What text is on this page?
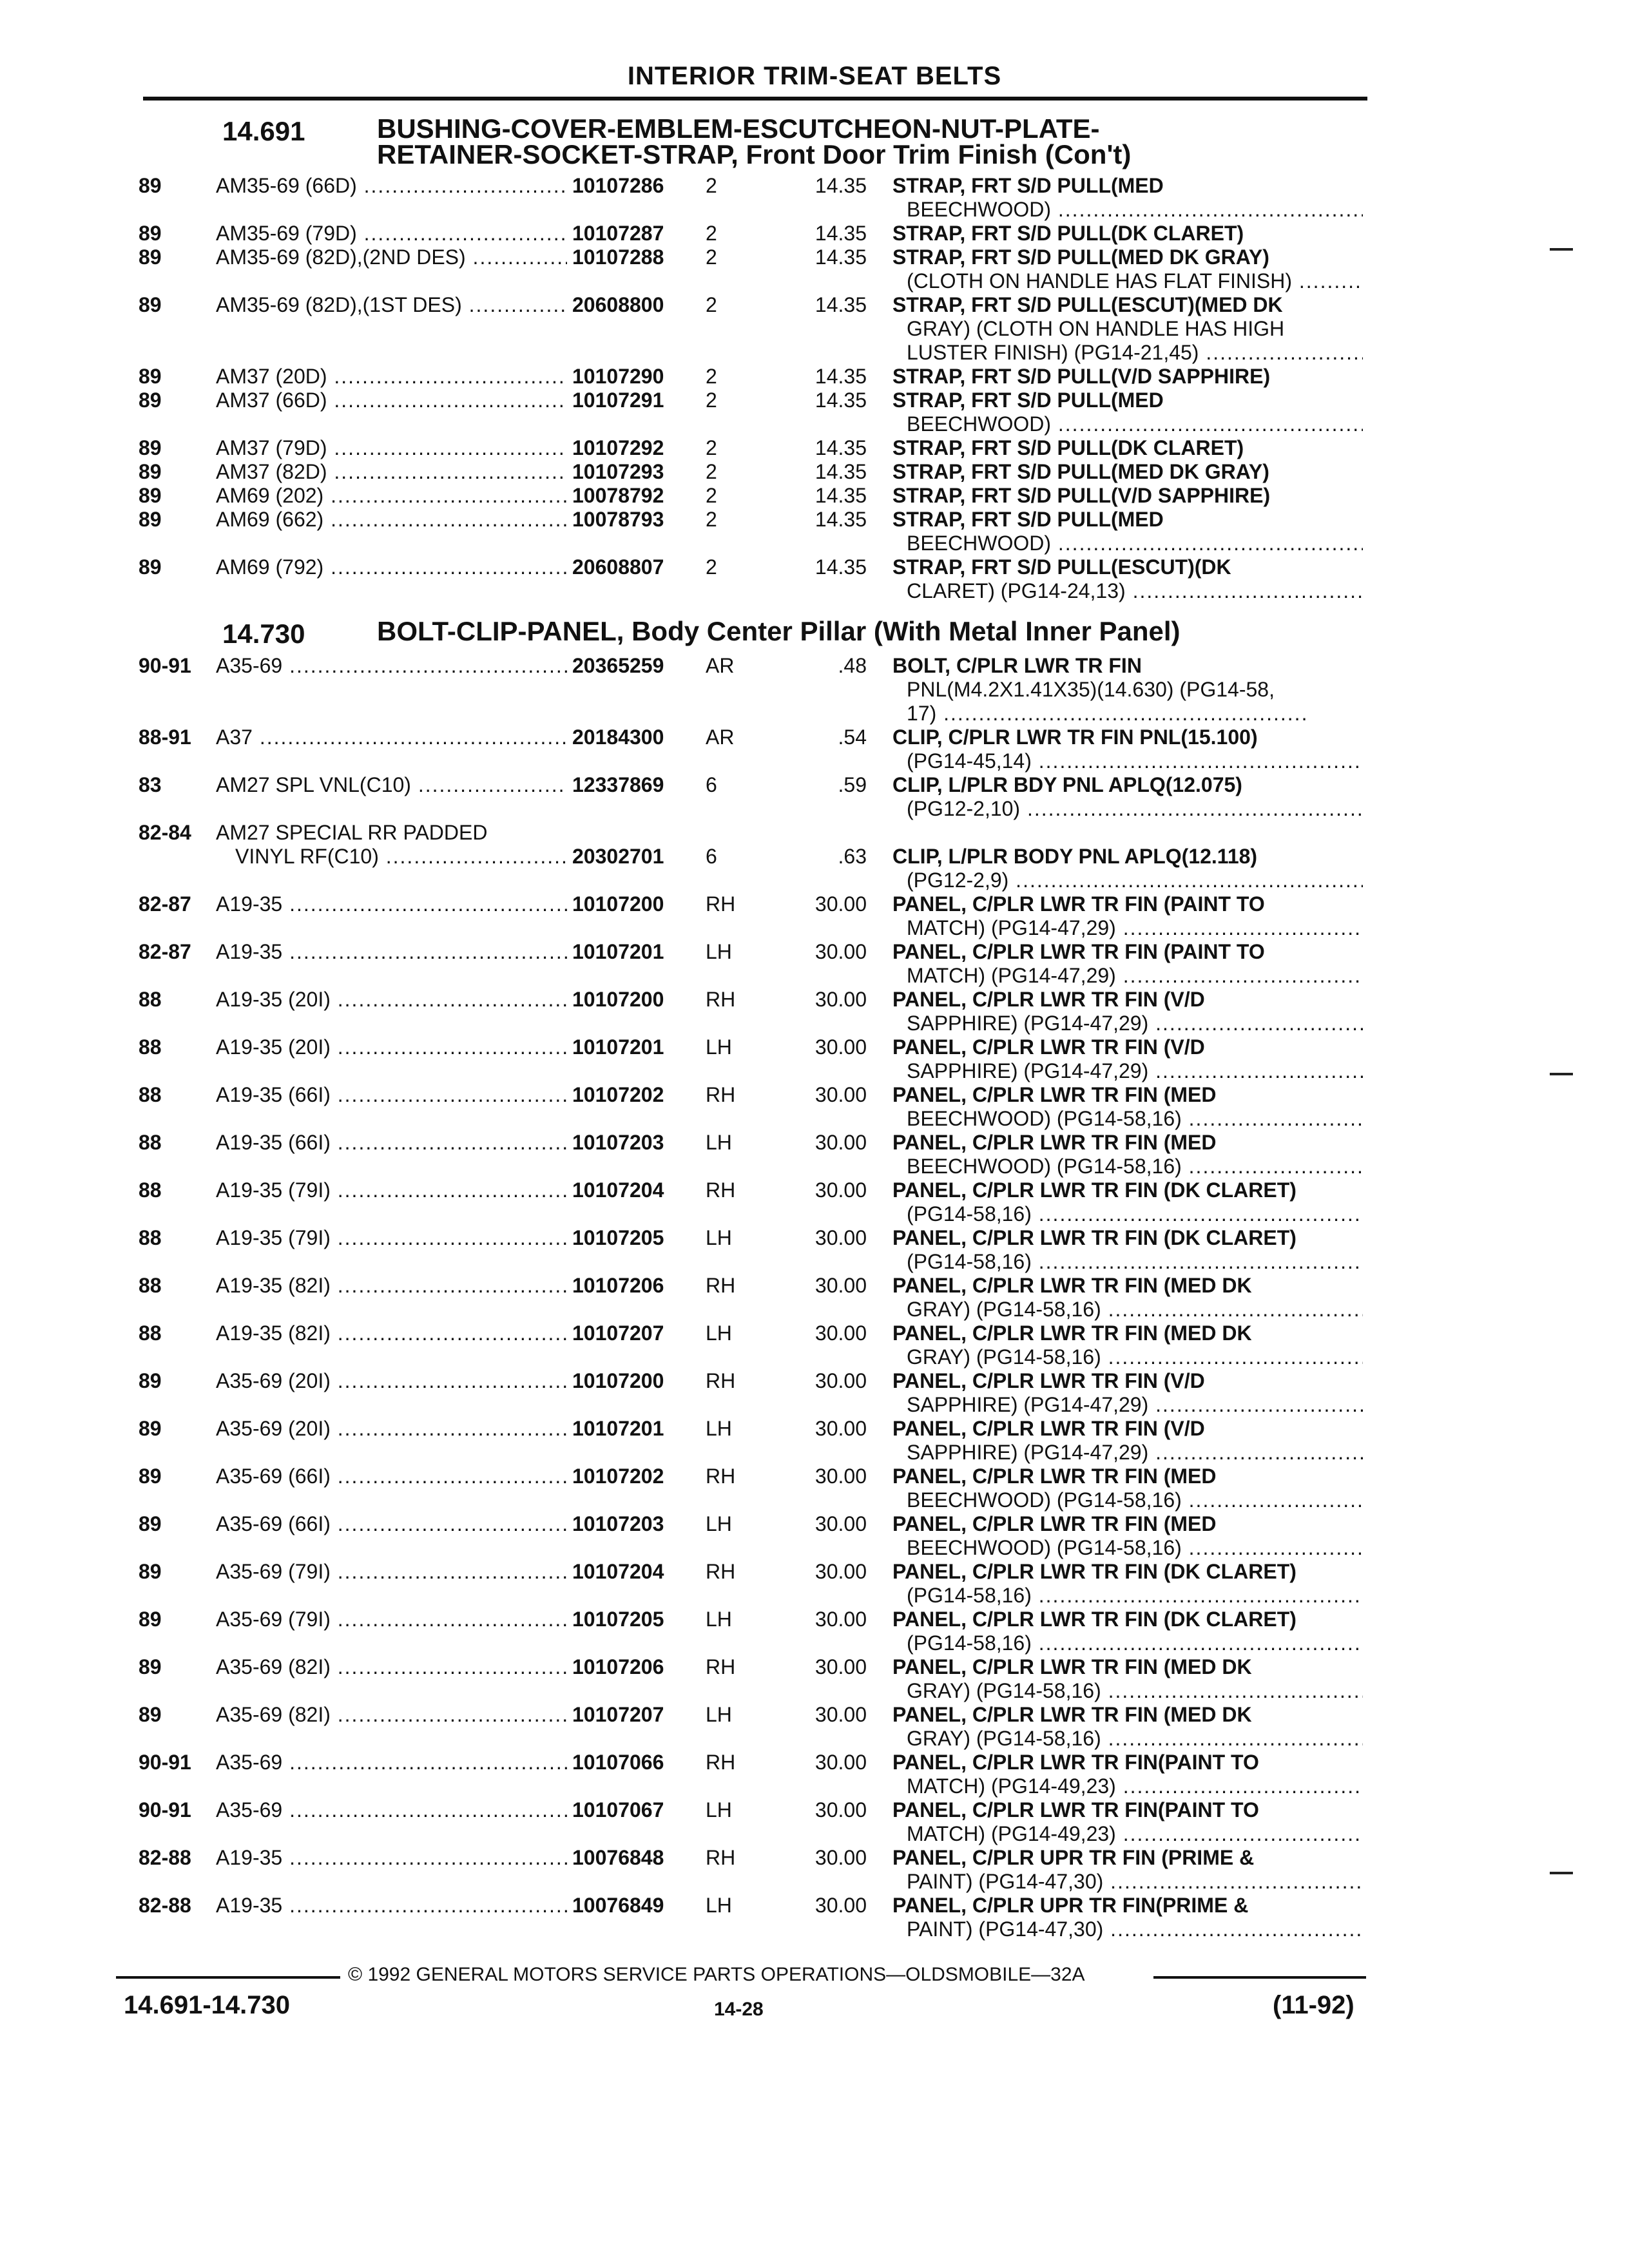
INTERIOR TRIM-SEAT BELTS
14.691	BUSHING-COVER-EMBLEM-ESCUTCHEON-NUT-PLATE-
RETAINER-SOCKET-STRAP, Front Door Trim Finish (Con't)
89	AM35-69 (66D) .....	10107286 2	14.35 STRAP, FRT S/D PULL(MED
BEECHWOOD) .....
89	AM35-69 (79D) .....	10107287 2	14.35 STRAP, FRT S/D PULL(DK CLARET)
89	AM35-69 (82D),(2ND DES) .....	10107288 2	14.35 STRAP, FRT S/D PULL(MED DK GRAY)
(CLOTH ON HANDLE HAS FLAT FINISH) .....
89	AM35-69 (82D),(1ST DES) .....	20608800 2	14.35 STRAP, FRT S/D PULL(ESCUT)(MED DK
GRAY) (CLOTH ON HANDLE HAS HIGH
LUSTER FINISH) (PG14-21,45) .....
89	AM37 (20D) .....	10107290 2	14.35 STRAP, FRT S/D PULL(V/D SAPPHIRE)
89	AM37 (66D) .....	10107291 2	14.35 STRAP, FRT S/D PULL(MED
BEECHWOOD) .....
89	AM37 (79D) .....	10107292 2	14.35 STRAP, FRT S/D PULL(DK CLARET)
89	AM37 (82D) .....	10107293 2	14.35 STRAP, FRT S/D PULL(MED DK GRAY)
89	AM69 (202) .....	10078792 2	14.35 STRAP, FRT S/D PULL(V/D SAPPHIRE)
89	AM69 (662) .....	10078793 2	14.35 STRAP, FRT S/D PULL(MED
BEECHWOOD) .....
89	AM69 (792) .....	20608807 2	14.35 STRAP, FRT S/D PULL(ESCUT)(DK
CLARET) (PG14-24,13) .....
14.730	BOLT-CLIP-PANEL, Body Center Pillar (With Metal Inner Panel)
90-91 A35-69 .....	20365259 AR	.48 BOLT, C/PLR LWR TR FIN
PNL(M4.2X1.41X35)(14.630) (PG14-58,
17) .....
88-91 A37 .....	20184300 AR	.54 CLIP, C/PLR LWR TR FIN PNL(15.100)
(PG14-45,14) .....
83	AM27 SPL VNL(C10) .....	12337869 6	.59 CLIP, L/PLR BDY PNL APLQ(12.075)
(PG12-2,10) .....
82-84 AM27 SPECIAL RR PADDED
VINYL RF(C10) .....	20302701 6	.63 CLIP, L/PLR BODY PNL APLQ(12.118)
(PG12-2,9) .....
82-87 A19-35 .....	10107200 RH	30.00 PANEL, C/PLR LWR TR FIN (PAINT TO
MATCH) (PG14-47,29) .....
82-87 A19-35 .....	10107201 LH	30.00 PANEL, C/PLR LWR TR FIN (PAINT TO
MATCH) (PG14-47,29) .....
88	A19-35 (20I) .....	10107200 RH	30.00 PANEL, C/PLR LWR TR FIN (V/D
SAPPHIRE) (PG14-47,29) .....
88	A19-35 (20I) .....	10107201 LH	30.00 PANEL, C/PLR LWR TR FIN (V/D
SAPPHIRE) (PG14-47,29) .....
88	A19-35 (66I) .....	10107202 RH	30.00 PANEL, C/PLR LWR TR FIN (MED
BEECHWOOD) (PG14-58,16) .....
88	A19-35 (66I) .....	10107203 LH	30.00 PANEL, C/PLR LWR TR FIN (MED
BEECHWOOD) (PG14-58,16) .....
88	A19-35 (79I) .....	10107204 RH	30.00 PANEL, C/PLR LWR TR FIN (DK CLARET)
(PG14-58,16) .....
88	A19-35 (79I) .....	10107205 LH	30.00 PANEL, C/PLR LWR TR FIN (DK CLARET)
(PG14-58,16) .....
88	A19-35 (82I) .....	10107206 RH	30.00 PANEL, C/PLR LWR TR FIN (MED DK
GRAY) (PG14-58,16) .....
88	A19-35 (82I) .....	10107207 LH	30.00 PANEL, C/PLR LWR TR FIN (MED DK
GRAY) (PG14-58,16) .....
89	A35-69 (20I) .....	10107200 RH	30.00 PANEL, C/PLR LWR TR FIN (V/D
SAPPHIRE) (PG14-47,29) .....
89	A35-69 (20I) .....	10107201 LH	30.00 PANEL, C/PLR LWR TR FIN (V/D
SAPPHIRE) (PG14-47,29) .....
89	A35-69 (66I) .....	10107202 RH	30.00 PANEL, C/PLR LWR TR FIN (MED
BEECHWOOD) (PG14-58,16) .....
89	A35-69 (66I) .....	10107203 LH	30.00 PANEL, C/PLR LWR TR FIN (MED
BEECHWOOD) (PG14-58,16) .....
89	A35-69 (79I) .....	10107204 RH	30.00 PANEL, C/PLR LWR TR FIN (DK CLARET)
(PG14-58,16) .....
89	A35-69 (79I) .....	10107205 LH	30.00 PANEL, C/PLR LWR TR FIN (DK CLARET)
(PG14-58,16) .....
89	A35-69 (82I) .....	10107206 RH	30.00 PANEL, C/PLR LWR TR FIN (MED DK
GRAY) (PG14-58,16) .....
89	A35-69 (82I) .....	10107207 LH	30.00 PANEL, C/PLR LWR TR FIN (MED DK
GRAY) (PG14-58,16) .....
90-91 A35-69 .....	10107066 RH	30.00 PANEL, C/PLR LWR TR FIN(PAINT TO
MATCH) (PG14-49,23) .....
90-91 A35-69 .....	10107067 LH	30.00 PANEL, C/PLR LWR TR FIN(PAINT TO
MATCH) (PG14-49,23) .....
82-88 A19-35 .....	10076848 RH	30.00 PANEL, C/PLR UPR TR FIN (PRIME &
PAINT) (PG14-47,30) .....
82-88 A19-35 .....	10076849 LH	30.00 PANEL, C/PLR UPR TR FIN(PRIME &
PAINT) (PG14-47,30) .....
© 1992 GENERAL MOTORS SERVICE PARTS OPERATIONS—OLDSMOBILE—32A
14.691-14.730	14-28	(11-92)
